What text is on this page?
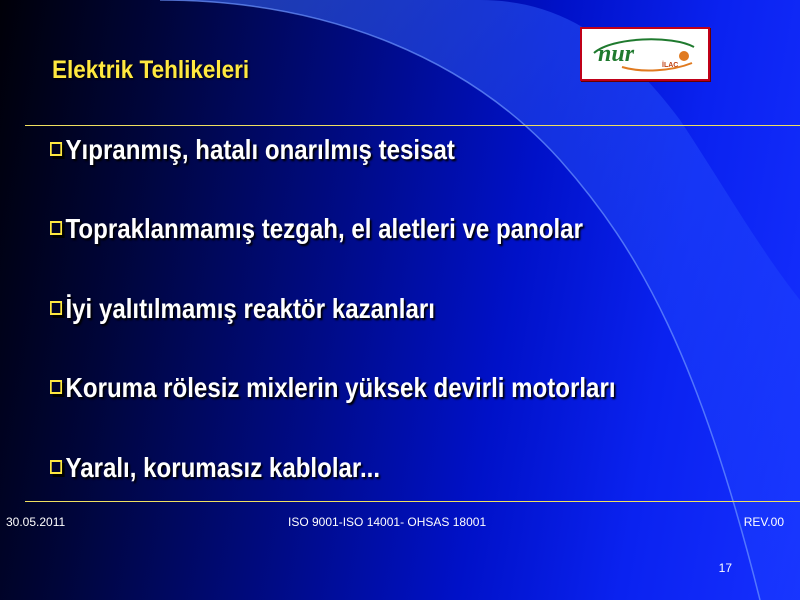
Elektrik Tehlikeleri
nur	İLAÇ
Yıpranmış, hatalı onarılmış tesisat
Topraklanmamış tezgah, el aletleri ve panolar
İyi yalıtılmamış reaktör kazanları
Koruma rölesiz mixlerin yüksek devirli motorları
Yaralı, korumasız kablolar...
30.05.2011	ISO 9001-ISO 14001- OHSAS 18001	REV.00
17
